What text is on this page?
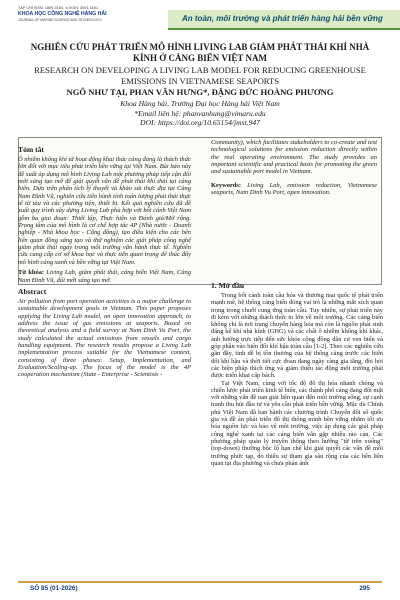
TẠP CHÍ ISSN: 1859-316X, e-ISSN: 3093-3161
KHOA HỌC CÔNG NGHỆ HÀNG HẢI
JOURNAL OF MARINE SCIENCE AND TECHNOLOGY	An toàn, môi trường và phát triển hàng hải bền vững
NGHIÊN CỨU PHÁT TRIỂN MÔ HÌNH LIVING LAB GIẢM PHÁT THẢI KHÍ NHÀ KÍNH Ở CẢNG BIỂN VIỆT NAM
RESEARCH ON DEVELOPING A LIVING LAB MODEL FOR REDUCING GREENHOUSE EMISSIONS IN VIETNAMESE SEAPORTS
NGÔ NHƯ TẠI, PHAN VĂN HƯNG*, ĐẶNG ĐỨC HOÀNG PHƯƠNG
Khoa Hàng hải, Trường Đại học Hàng hải Việt Nam
*Email liên hệ: phanvanhung@vimaru.edu
DOI: https://doi.org/10.65154/jmst.947
Tóm tắt
Ô nhiễm không khí từ hoạt động khai thác cảng đang là thách thức lớn đối với mục tiêu phát triển bền vững tại Việt Nam. Bài báo này đề xuất áp dụng mô hình Living Lab một phương pháp tiếp cận đổi mới sáng tạo mở để giải quyết vấn đề phát thải khí thải tại cảng biển. Dựa trên phân tích lý thuyết và khảo sát thực địa tại Cảng Nam Đình Vũ, nghiên cứu tiến hành tính toán lượng phát thải thực tế từ tàu và các phương tiện, thiết bị. Kết quả nghiên cứu đã đề xuất quy trình xây dựng Living Lab phù hợp với bối cảnh Việt Nam gồm ba giai đoạn: Thiết lập, Thực hiện và Đánh giá/Mở rộng. Trọng tâm của mô hình là cơ chế hợp tác 4P (Nhà nước - Doanh nghiệp - Nhà khoa học - Cộng đồng), tạo điều kiện cho các bên liên quan đồng sáng tạo và thử nghiệm các giải pháp công nghệ giảm phát thải ngay trong môi trường vận hành thực tế. Nghiên cứu cung cấp cơ sở khoa học và thực tiễn quan trọng để thúc đẩy mô hình cảng xanh và bền vững tại Việt Nam.
Từ khóa: Living Lab, giảm phát thải, cảng biển Việt Nam, Cảng Nam Đình Vũ, đổi mới sáng tạo mở.
Abstract
Air pollution from port operation activities is a major challenge to sustainable development goals in Vietnam. This paper proposes applying the Living Lab model, an open innovation approach, to address the issue of gas emissions at seaports. Based on theoretical analysis and a field survey at Nam Dinh Vu Port, the study calculated the actual emissions from vessels and cargo handling equipment. The research results propose a Living Lab implementation process suitable for the Vietnamese context, consisting of three phases: Setup, Implementation, and Evaluation/Scaling-up. The focus of the model is the 4P cooperation mechanism (State - Enterprise - Scientists -
Community), which facilitates stakeholders to co-create and test technological solutions for emission reduction directly within the real operating environment. The study provides an important scientific and practical basis for promoting the green and sustainable port model in Vietnam.
Keywords: Living Lab, emission reduction, Vietnamese seaports, Nam Dinh Vu Port, open innovation.
1. Mở đầu
Trong bối cảnh toàn cầu hóa và thương mại quốc tế phát triển mạnh mẽ, hệ thống cảng biển đóng vai trò là những mắt xích quan trọng trong chuỗi cung ứng toàn cầu. Tuy nhiên, sự phát triển này đi kèm với những thách thức to lớn về môi trường. Các cảng biển không chỉ là nơi trung chuyển hàng hóa mà còn là nguồn phát sinh đáng kể khí nhà kính (GHG) và các chất ô nhiễm không khí khác, ảnh hưởng trực tiếp đến sức khỏe cộng đồng dân cư ven biển và góp phần vào biến đổi khí hậu toàn cầu [1-2]. Theo các nghiên cứu gần đây, tính dễ bị tổn thương của hệ thống cảng trước các biến đổi khí hậu và thời tiết cực đoan đang ngày càng gia tăng, đòi hỏi các biện pháp thích ứng và giảm thiểu tác động môi trường phải được triển khai cấp bách.
Tại Việt Nam, cùng với tốc độ đô thị hóa nhanh chóng và chiến lược phát triển kinh tế biển, các thành phố cảng đang đối mặt với những vấn đề nan giải liên quan đến môi trường sống, sự cạnh tranh thu hút đầu tư và yêu cầu phát triển bền vững. Mặc dù Chính phủ Việt Nam đã ban hành các chương trình Chuyển đổi số quốc gia và đề án phát triển đô thị thông minh bền vững nhằm tối ưu hóa nguồn lực và bảo vệ môi trường, việc áp dụng các giải pháp công nghệ xanh tại các cảng biển vẫn gặp nhiều rào cản. Các phương pháp quản lý truyền thống theo hướng "từ trên xuống" (top-down) thường bộc lộ hạn chế khi giải quyết các vấn đề môi trường phức tạp, do thiếu sự tham gia sâu rộng của các bên liên quan tại địa phương và chưa phản ánh
SỐ 85 (01-2026)	295
